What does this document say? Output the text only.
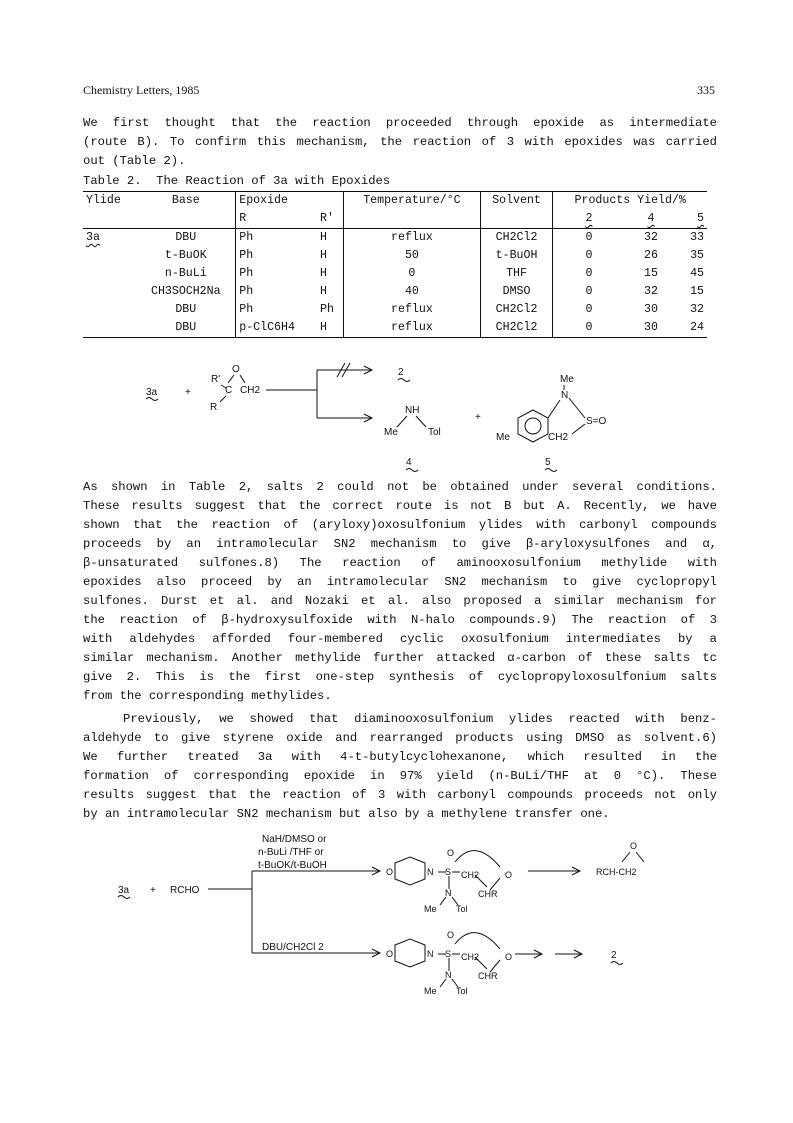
Chemistry Letters, 1985	335
We first thought that the reaction proceeded through epoxide as intermediate
(route B). To confirm this mechanism, the reaction of 3 with epoxides was carried
out (Table 2).
Table 2.  The Reaction of 3a with Epoxides
Ylide	Base	Epoxide		Temperature/°C	Solvent	Products Yield/%		
		R	R'			2	4	5
3a	DBU	Ph	H	reflux	CH2Cl2	0	32	33
	t-BuOK	Ph	H	50	t-BuOH	0	26	35
	n-BuLi	Ph	H	0	THF	0	15	45
	CH3SOCH2Na	Ph	H	40	DMSO	0	32	15
	DBU	Ph	Ph	reflux	CH2Cl2	0	30	32
	DBU	p-ClC6H4	H	reflux	CH2Cl2	0	30	24
3a	+
R'
O
C CH2
R
2
NH
Me	Tol
+
Me
N
S=O
Me	CH2
4	5
As shown in Table 2, salts 2 could not be obtained under several conditions.
These results suggest that the correct route is not B but A. Recently, we have
shown that the reaction of (aryloxy)oxosulfonium ylides with carbonyl compounds
proceeds by an intramolecular SN2 mechanism to give β-aryloxysulfones and α,
β-unsaturated sulfones.8) The reaction of aminooxosulfonium methylide with
epoxides also proceed by an intramolecular SN2 mechanism to give cyclopropyl
sulfones. Durst et al. and Nozaki et al. also proposed a similar mechanism for
the reaction of β-hydroxysulfoxide with N-halo compounds.9) The reaction of 3
with aldehydes afforded four-membered cyclic oxosulfonium intermediates by a
similar mechanism. Another methylide further attacked α-carbon of these salts tc
give 2. This is the first one-step synthesis of cyclopropyloxosulfonium salts
from the corresponding methylides.
Previously, we showed that diaminooxosulfonium ylides reacted with benz-
aldehyde to give styrene oxide and rearranged products using DMSO as solvent.6)
We further treated 3a with 4-t-butylcyclohexanone, which resulted in the
formation of corresponding epoxide in 97% yield (n-BuLi/THF at 0 °C). These
results suggest that the reaction of 3 with carbonyl compounds proceeds not only
by an intramolecular SN2 mechanism but also by a methylene transfer one.
NaH/DMSO or
n-BuLi /THF or
t-BuOK/t-BuOH
3a + RCHO
DBU/CH2Cl 2
O	N S
O
CH2	O
N	CHR
Me Tol
O
RCH-CH2
O	N S
O
CH2	O
N	CHR
Me Tol
2
